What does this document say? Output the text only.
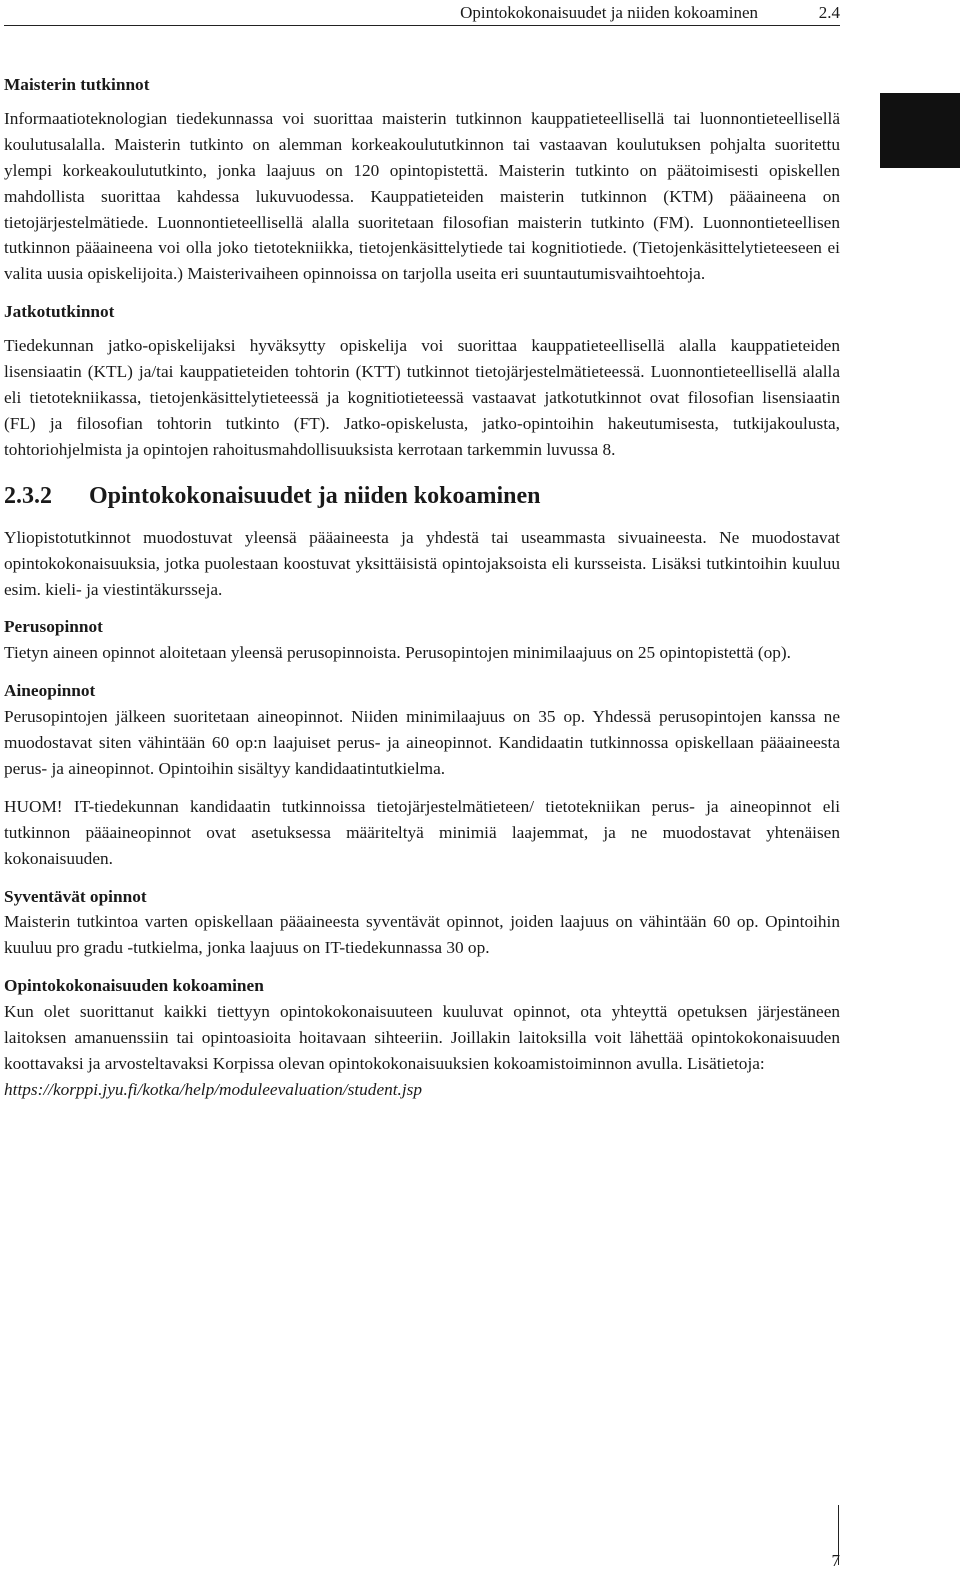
Opintokokonaisuudet ja niiden kokoaminen	2.4
Maisterin tutkinnot

Informaatioteknologian tiedekunnassa voi suorittaa maisterin tutkinnon kauppatieteellisellä tai luonnontieteellisellä koulutusalalla. Maisterin tutkinto on alemman korkeakoulututkinnon tai vastaavan koulutuksen pohjalta suoritettu ylempi korkeakoulututkinto, jonka laajuus on 120 opintopistettä. Maisterin tutkinto on päätoimisesti opiskellen mahdollista suorittaa kahdessa lukuvuodessa. Kauppatieteiden maisterin tutkinnon (KTM) pääaineena on tietojärjestelmätiede. Luonnontieteellisellä alalla suoritetaan filosofian maisterin tutkinto (FM). Luonnontieteellisen tutkinnon pääaineena voi olla joko tietotekniikka, tietojenkäsittelytiede tai kognitiotiede. (Tietojenkäsittelytieteeseen ei valita uusia opiskelijoita.) Maisterivaiheen opinnoissa on tarjolla useita eri suuntautumisvaihtoehtoja.

Jatkotutkinnot

Tiedekunnan jatko-opiskelijaksi hyväksytty opiskelija voi suorittaa kauppatieteellisellä alalla kauppatieteiden lisensiaatin (KTL) ja/tai kauppatieteiden tohtorin (KTT) tutkinnot tietojärjestelmätieteessä. Luonnontieteellisellä alalla eli tietotekniikassa, tietojenkäsittelytieteessä ja kognitiotieteessä vastaavat jatkotutkinnot ovat filosofian lisensiaatin (FL) ja filosofian tohtorin tutkinto (FT). Jatko-opiskelusta, jatko-opintoihin hakeutumisesta, tutkijakoulusta, tohtoriohjelmista ja opintojen rahoitusmahdollisuuksista kerrotaan tarkemmin luvussa 8.

2.3.2 Opintokokonaisuudet ja niiden kokoaminen

Yliopistotutkinnot muodostuvat yleensä pääaineesta ja yhdestä tai useammasta sivuaineesta. Ne muodostavat opintokokonaisuuksia, jotka puolestaan koostuvat yksittäisistä opintojaksoista eli kursseista. Lisäksi tutkintoihin kuuluu esim. kieli- ja viestintäkursseja.

Perusopinnot

Tietyn aineen opinnot aloitetaan yleensä perusopinnoista. Perusopintojen minimilaajuus on 25 opintopistettä (op).

Aineopinnot

Perusopintojen jälkeen suoritetaan aineopinnot. Niiden minimilaajuus on 35 op. Yhdessä perusopintojen kanssa ne muodostavat siten vähintään 60 op:n laajuiset perus- ja aineopinnot. Kandidaatin tutkinnossa opiskellaan pääaineesta perus- ja aineopinnot. Opintoihin sisältyy kandidaatintutkielma.

HUOM! IT-tiedekunnan kandidaatin tutkinnoissa tietojärjestelmätieteen/ tietotekniikan perus- ja aineopinnot eli tutkinnon pääaineopinnot ovat asetuksessa määriteltyä minimiä laajemmat, ja ne muodostavat yhtenäisen kokonaisuuden.

Syventävät opinnot

Maisterin tutkintoa varten opiskellaan pääaineesta syventävät opinnot, joiden laajuus on vähintään 60 op. Opintoihin kuuluu pro gradu -tutkielma, jonka laajuus on IT-tiedekunnassa 30 op.

Opintokokonaisuuden kokoaminen

Kun olet suorittanut kaikki tiettyyn opintokokonaisuuteen kuuluvat opinnot, ota yhteyttä opetuksen järjestäneen laitoksen amanuenssiin tai opintoasioita hoitavaan sihteeriin. Joillakin laitoksilla voit lähettää opintokokonaisuuden koottavaksi ja arvosteltavaksi Korpissa olevan opintokokonaisuuksien kokoamistoiminnon avulla. Lisätietoja:
https://korppi.jyu.fi/kotka/help/moduleevaluation/student.jsp

7
